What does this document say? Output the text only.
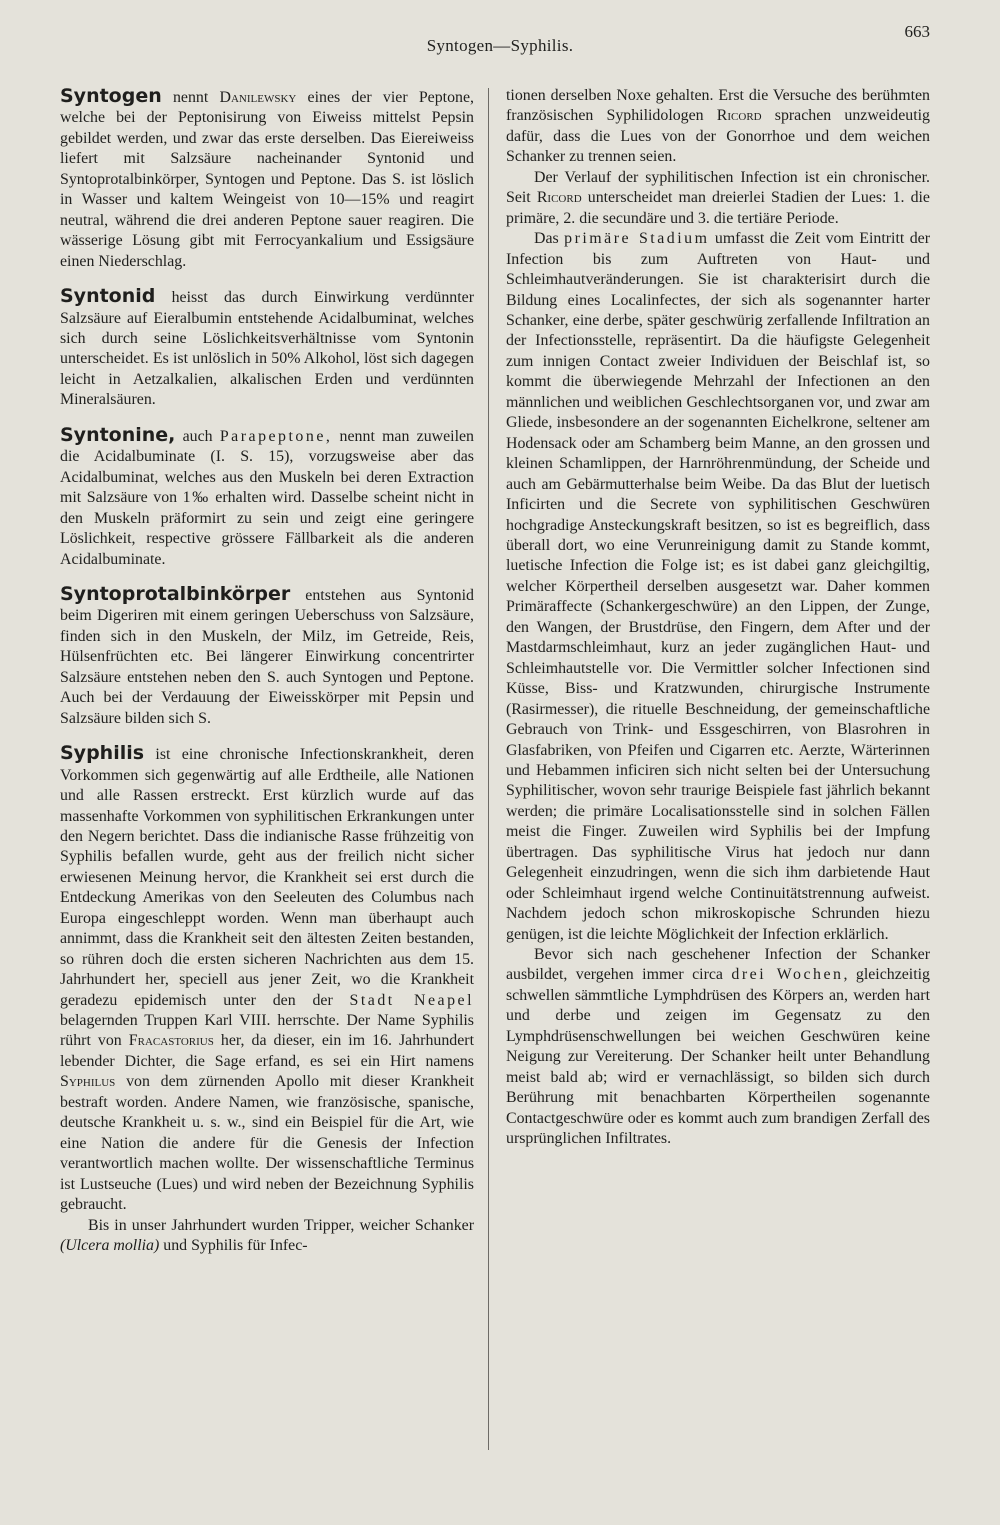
Syntogen—Syphilis.
663

Syntogen nennt Danilewsky eines der vier Peptone, welche bei der Peptonisirung von Eiweiss mittelst Pepsin gebildet werden, und zwar das erste derselben. Das Eiereiweiss liefert mit Salzsäure nacheinander Syntonid und Syntoprotalbinkörper, Syntogen und Peptone. Das S. ist löslich in Wasser und kaltem Weingeist von 10—15% und reagirt neutral, während die drei anderen Peptone sauer reagiren. Die wässerige Lösung gibt mit Ferrocyankalium und Essigsäure einen Niederschlag.

Syntonid heisst das durch Einwirkung verdünnter Salzsäure auf Eieralbumin entstehende Acidalbuminat, welches sich durch seine Löslichkeitsverhältnisse vom Syntonin unterscheidet. Es ist unlöslich in 50% Alkohol, löst sich dagegen leicht in Aetzalkalien, alkalischen Erden und verdünnten Mineralsäuren.

Syntonine, auch Parapeptone, nennt man zuweilen die Acidalbuminate (I. S. 15), vorzugsweise aber das Acidalbuminat, welches aus den Muskeln bei deren Extraction mit Salzsäure von 1‰ erhalten wird. Dasselbe scheint nicht in den Muskeln präformirt zu sein und zeigt eine geringere Löslichkeit, respective grössere Fällbarkeit als die anderen Acidalbuminate.

Syntoprotalbinkörper entstehen aus Syntonid beim Digeriren mit einem geringen Ueberschuss von Salzsäure, finden sich in den Muskeln, der Milz, im Getreide, Reis, Hülsenfrüchten etc. Bei längerer Einwirkung concentrirter Salzsäure entstehen neben den S. auch Syntogen und Peptone. Auch bei der Verdauung der Eiweisskörper mit Pepsin und Salzsäure bilden sich S.

Syphilis ist eine chronische Infectionskrankheit, deren Vorkommen sich gegenwärtig auf alle Erdtheile, alle Nationen und alle Rassen erstreckt. Erst kürzlich wurde auf das massenhafte Vorkommen von syphilitischen Erkrankungen unter den Negern berichtet. Dass die indianische Rasse frühzeitig von Syphilis befallen wurde, geht aus der freilich nicht sicher erwiesenen Meinung hervor, die Krankheit sei erst durch die Entdeckung Amerikas von den Seeleuten des Columbus nach Europa eingeschleppt worden. Wenn man überhaupt auch annimmt, dass die Krankheit seit den ältesten Zeiten bestanden, so rühren doch die ersten sicheren Nachrichten aus dem 15. Jahrhundert her, speciell aus jener Zeit, wo die Krankheit geradezu epidemisch unter den der Stadt Neapel belagernden Truppen Karl VIII. herrschte. Der Name Syphilis rührt von Fracastorius her, da dieser, ein im 16. Jahrhundert lebender Dichter, die Sage erfand, es sei ein Hirt namens Syphilus von dem zürnenden Apollo mit dieser Krankheit bestraft worden. Andere Namen, wie französische, spanische, deutsche Krankheit u. s. w., sind ein Beispiel für die Art, wie eine Nation die andere für die Genesis der Infection verantwortlich machen wollte. Der wissenschaftliche Terminus ist Lustseuche (Lues) und wird neben der Bezeichnung Syphilis gebraucht.

Bis in unser Jahrhundert wurden Tripper, weicher Schanker (Ulcera mollia) und Syphilis für Infec-

tionen derselben Noxe gehalten. Erst die Versuche des berühmten französischen Syphilidologen Ricord sprachen unzweideutig dafür, dass die Lues von der Gonorrhoe und dem weichen Schanker zu trennen seien.

Der Verlauf der syphilitischen Infection ist ein chronischer. Seit Ricord unterscheidet man dreierlei Stadien der Lues: 1. die primäre, 2. die secundäre und 3. die tertiäre Periode.

Das primäre Stadium umfasst die Zeit vom Eintritt der Infection bis zum Auftreten von Haut- und Schleimhautveränderungen. Sie ist charakterisirt durch die Bildung eines Localinfectes, der sich als sogenannter harter Schanker, eine derbe, später geschwürig zerfallende Infiltration an der Infectionsstelle, repräsentirt. Da die häufigste Gelegenheit zum innigen Contact zweier Individuen der Beischlaf ist, so kommt die überwiegende Mehrzahl der Infectionen an den männlichen und weiblichen Geschlechtsorganen vor, und zwar am Gliede, insbesondere an der sogenannten Eichelkrone, seltener am Hodensack oder am Schamberg beim Manne, an den grossen und kleinen Schamlippen, der Harnröhrenmündung, der Scheide und auch am Gebärmutterhalse beim Weibe. Da das Blut der luetisch Inficirten und die Secrete von syphilitischen Geschwüren hochgradige Ansteckungskraft besitzen, so ist es begreiflich, dass überall dort, wo eine Verunreinigung damit zu Stande kommt, luetische Infection die Folge ist; es ist dabei ganz gleichgiltig, welcher Körpertheil derselben ausgesetzt war. Daher kommen Primäraffecte (Schankergeschwüre) an den Lippen, der Zunge, den Wangen, der Brustdrüse, den Fingern, dem After und der Mastdarmschleimhaut, kurz an jeder zugänglichen Haut- und Schleimhautstelle vor. Die Vermittler solcher Infectionen sind Küsse, Biss- und Kratzwunden, chirurgische Instrumente (Rasirmesser), die rituelle Beschneidung, der gemeinschaftliche Gebrauch von Trink- und Essgeschirren, von Blasrohren in Glasfabriken, von Pfeifen und Cigarren etc. Aerzte, Wärterinnen und Hebammen inficiren sich nicht selten bei der Untersuchung Syphilitischer, wovon sehr traurige Beispiele fast jährlich bekannt werden; die primäre Localisationsstelle sind in solchen Fällen meist die Finger. Zuweilen wird Syphilis bei der Impfung übertragen. Das syphilitische Virus hat jedoch nur dann Gelegenheit einzudringen, wenn die sich ihm darbietende Haut oder Schleimhaut irgend welche Continuitätstrennung aufweist. Nachdem jedoch schon mikroskopische Schrunden hiezu genügen, ist die leichte Möglichkeit der Infection erklärlich.

Bevor sich nach geschehener Infection der Schanker ausbildet, vergehen immer circa drei Wochen, gleichzeitig schwellen sämmtliche Lymphdrüsen des Körpers an, werden hart und derbe und zeigen im Gegensatz zu den Lymphdrüsenschwellungen bei weichen Geschwüren keine Neigung zur Vereiterung. Der Schanker heilt unter Behandlung meist bald ab; wird er vernachlässigt, so bilden sich durch Berührung mit benachbarten Körpertheilen sogenannte Contactgeschwüre oder es kommt auch zum brandigen Zerfall des ursprünglichen Infiltrates.
